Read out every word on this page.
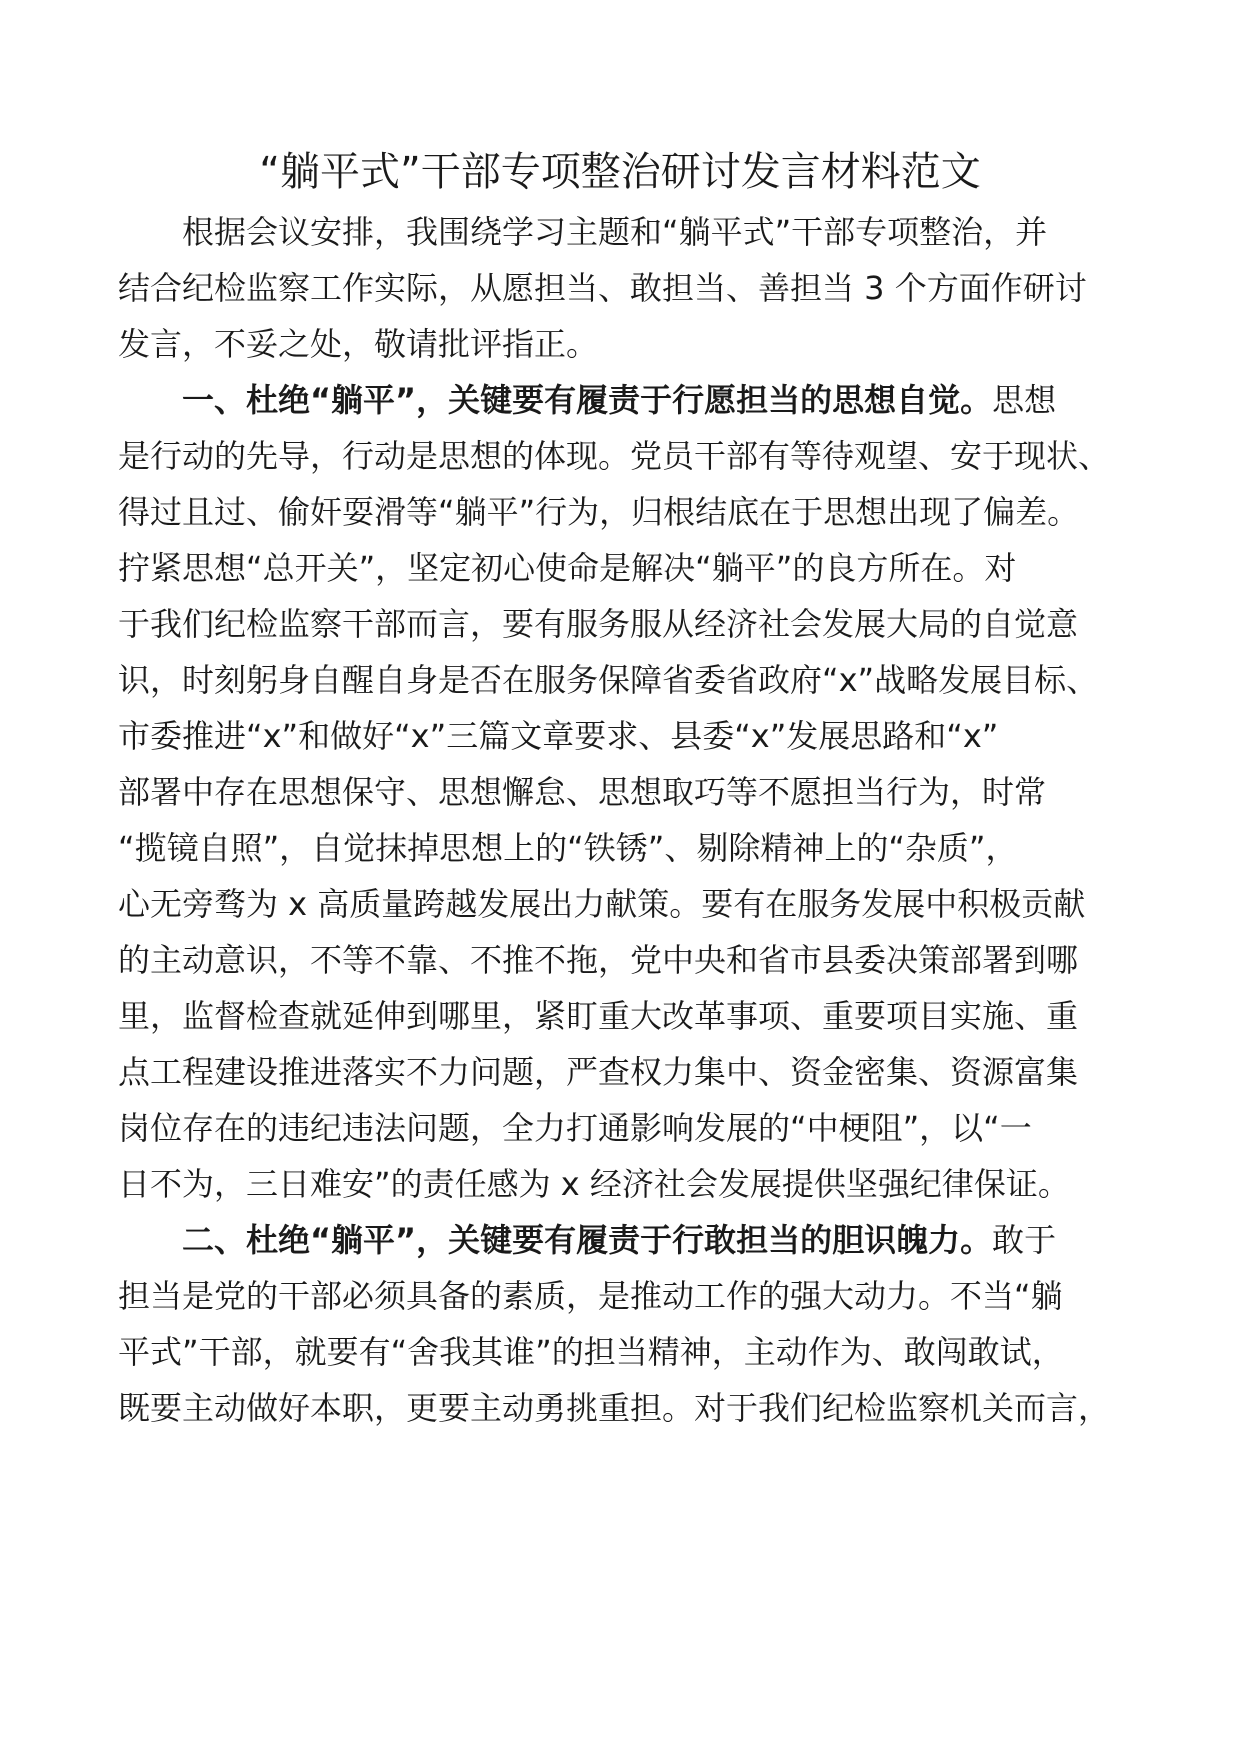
“躺平式”干部专项整治研讨发言材料范文

根据会议安排，我围绕学习主题和“躺平式”干部专项整治，并

结合纪检监察工作实际，从愿担当、敢担当、善担当 3 个方面作研讨

发言，不妥之处，敬请批评指正。

一、杜绝“躺平”，关键要有履责于行愿担当的思想自觉。思想

是行动的先导，行动是思想的体现。党员干部有等待观望、安于现状、

得过且过、偷奸耍滑等“躺平”行为，归根结底在于思想出现了偏差。

拧紧思想“总开关”，坚定初心使命是解决“躺平”的良方所在。对

于我们纪检监察干部而言，要有服务服从经济社会发展大局的自觉意

识，时刻躬身自醒自身是否在服务保障省委省政府“x”战略发展目标、

市委推进“x”和做好“x”三篇文章要求、县委“x”发展思路和“x”

部署中存在思想保守、思想懈怠、思想取巧等不愿担当行为，时常

“揽镜自照”，自觉抹掉思想上的“铁锈”、剔除精神上的“杂质”，

心无旁骛为 x 高质量跨越发展出力献策。要有在服务发展中积极贡献

的主动意识，不等不靠、不推不拖，党中央和省市县委决策部署到哪

里，监督检查就延伸到哪里，紧盯重大改革事项、重要项目实施、重

点工程建设推进落实不力问题，严查权力集中、资金密集、资源富集

岗位存在的违纪违法问题，全力打通影响发展的“中梗阻”，以“一

日不为，三日难安”的责任感为 x 经济社会发展提供坚强纪律保证。

二、杜绝“躺平”，关键要有履责于行敢担当的胆识魄力。敢于

担当是党的干部必须具备的素质，是推动工作的强大动力。不当“躺

平式”干部，就要有“舍我其谁”的担当精神，主动作为、敢闯敢试，

既要主动做好本职，更要主动勇挑重担。对于我们纪检监察机关而言，
